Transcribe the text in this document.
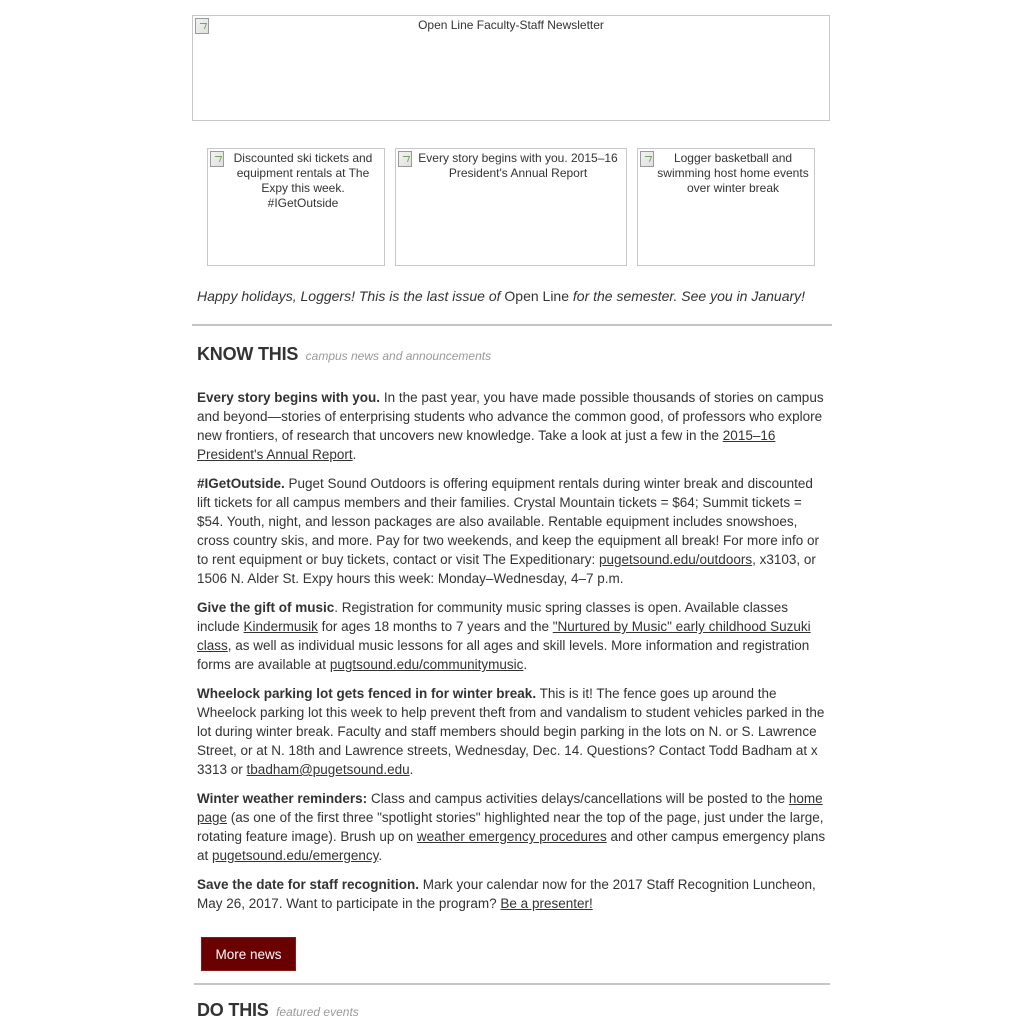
Open Line Faculty-Staff Newsletter
Discounted ski tickets and equipment rentals at The Expy this week. #IGetOutside
Every story begins with you. 2015–16 President's Annual Report
Logger basketball and swimming host home events over winter break
Happy holidays, Loggers! This is the last issue of Open Line for the semester. See you in January!
KNOW THIS campus news and announcements

Every story begins with you. In the past year, you have made possible thousands of stories on campus and beyond—stories of enterprising students who advance the common good, of professors who explore new frontiers, of research that uncovers new knowledge. Take a look at just a few in the 2015–16 President's Annual Report.

#IGetOutside. Puget Sound Outdoors is offering equipment rentals during winter break and discounted lift tickets for all campus members and their families. Crystal Mountain tickets = $64; Summit tickets = $54. Youth, night, and lesson packages are also available. Rentable equipment includes snowshoes, cross country skis, and more. Pay for two weekends, and keep the equipment all break! For more info or to rent equipment or buy tickets, contact or visit The Expeditionary: pugetsound.edu/outdoors, x3103, or 1506 N. Alder St. Expy hours this week: Monday–Wednesday, 4–7 p.m.

Give the gift of music. Registration for community music spring classes is open. Available classes include Kindermusik for ages 18 months to 7 years and the "Nurtured by Music" early childhood Suzuki class, as well as individual music lessons for all ages and skill levels. More information and registration forms are available at pugtsound.edu/communitymusic.

Wheelock parking lot gets fenced in for winter break. This is it! The fence goes up around the Wheelock parking lot this week to help prevent theft from and vandalism to student vehicles parked in the lot during winter break. Faculty and staff members should begin parking in the lots on N. or S. Lawrence Street, or at N. 18th and Lawrence streets, Wednesday, Dec. 14. Questions? Contact Todd Badham at x 3313 or tbadham@pugetsound.edu.

Winter weather reminders: Class and campus activities delays/cancellations will be posted to the home page (as one of the first three "spotlight stories" highlighted near the top of the page, just under the large, rotating feature image). Brush up on weather emergency procedures and other campus emergency plans at pugetsound.edu/emergency.

Save the date for staff recognition. Mark your calendar now for the 2017 Staff Recognition Luncheon, May 26, 2017. Want to participate in the program? Be a presenter!

More news
DO THIS featured events
